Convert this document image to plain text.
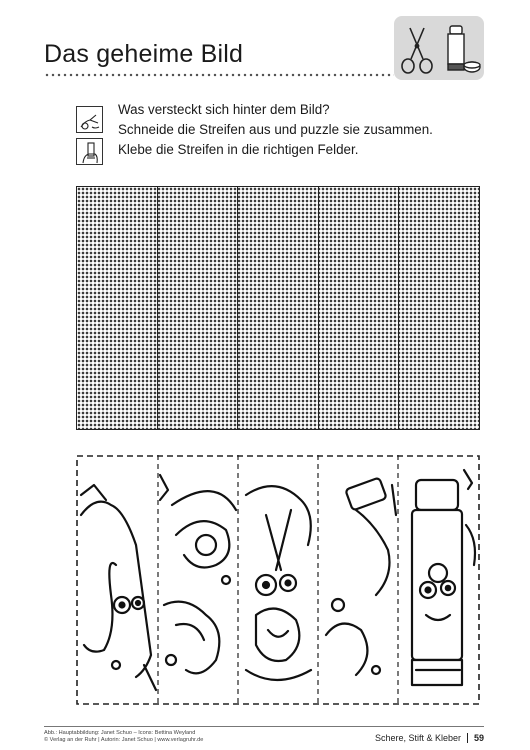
Das geheime Bild
Was versteckt sich hinter dem Bild?
Schneide die Streifen aus und puzzle sie zusammen.
Klebe die Streifen in die richtigen Felder.
Abb.: Hauptabbildung: Janet Schuo – Icons: Bettina Weyland
© Verlag an der Ruhr | Autorin: Janet Schuo | www.verlagruhr.de	Schere, Stift & Kleber 59
